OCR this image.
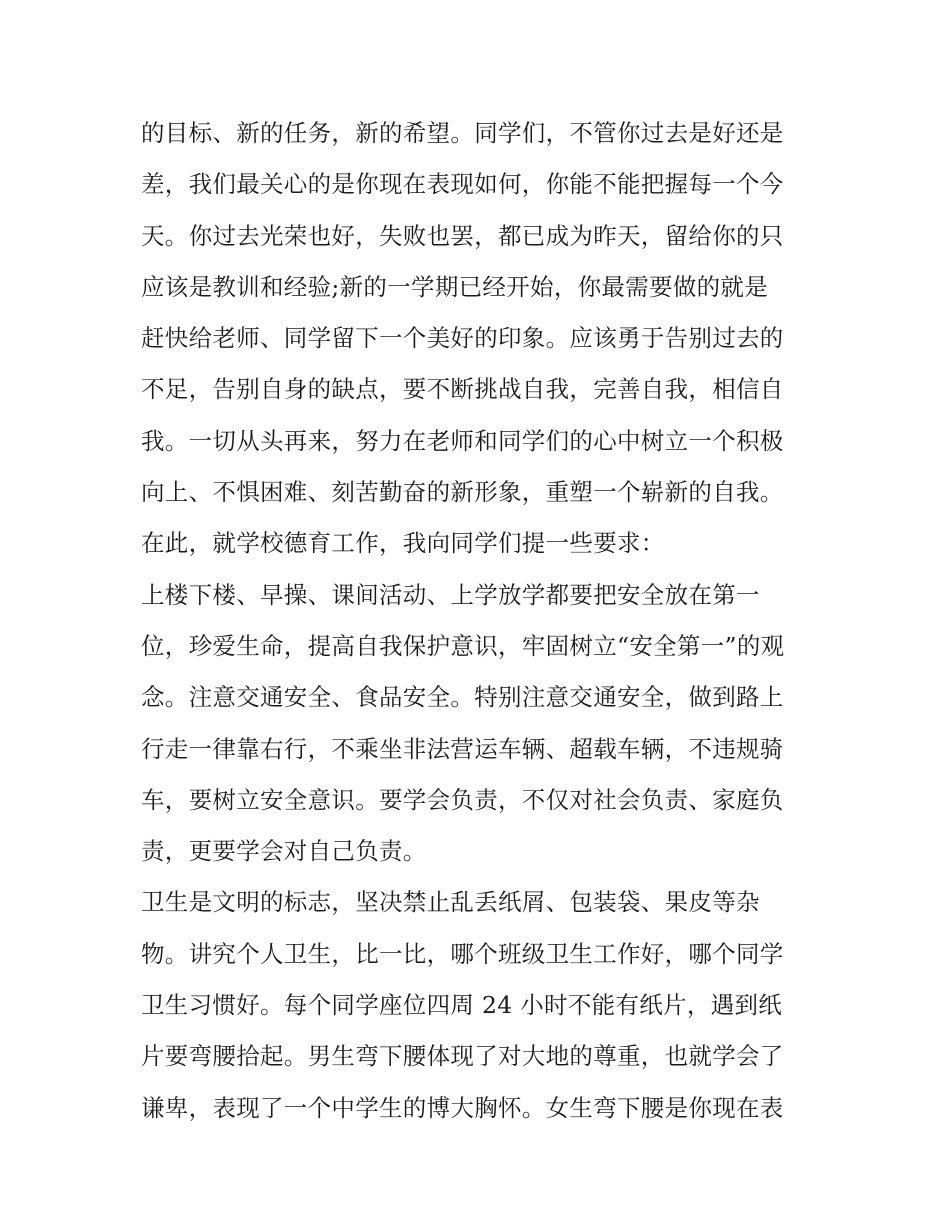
的目标、新的任务，新的希望。同学们，不管你过去是好还是
差，我们最关心的是你现在表现如何，你能不能把握每一个今
天。你过去光荣也好，失败也罢，都已成为昨天，留给你的只
应该是教训和经验;新的一学期已经开始，你最需要做的就是
赶快给老师、同学留下一个美好的印象。应该勇于告别过去的
不足，告别自身的缺点，要不断挑战自我，完善自我，相信自
我。一切从头再来，努力在老师和同学们的心中树立一个积极
向上、不惧困难、刻苦勤奋的新形象，重塑一个崭新的自我。
在此，就学校德育工作，我向同学们提一些要求：
上楼下楼、早操、课间活动、上学放学都要把安全放在第一
位，珍爱生命，提高自我保护意识，牢固树立“安全第一”的观
念。注意交通安全、食品安全。特别注意交通安全，做到路上
行走一律靠右行，不乘坐非法营运车辆、超载车辆，不违规骑
车，要树立安全意识。要学会负责，不仅对社会负责、家庭负
责，更要学会对自己负责。
卫生是文明的标志，坚决禁止乱丢纸屑、包装袋、果皮等杂
物。讲究个人卫生，比一比，哪个班级卫生工作好，哪个同学
卫生习惯好。每个同学座位四周 24 小时不能有纸片，遇到纸
片要弯腰拾起。男生弯下腰体现了对大地的尊重，也就学会了
谦卑，表现了一个中学生的博大胸怀。女生弯下腰是你现在表
